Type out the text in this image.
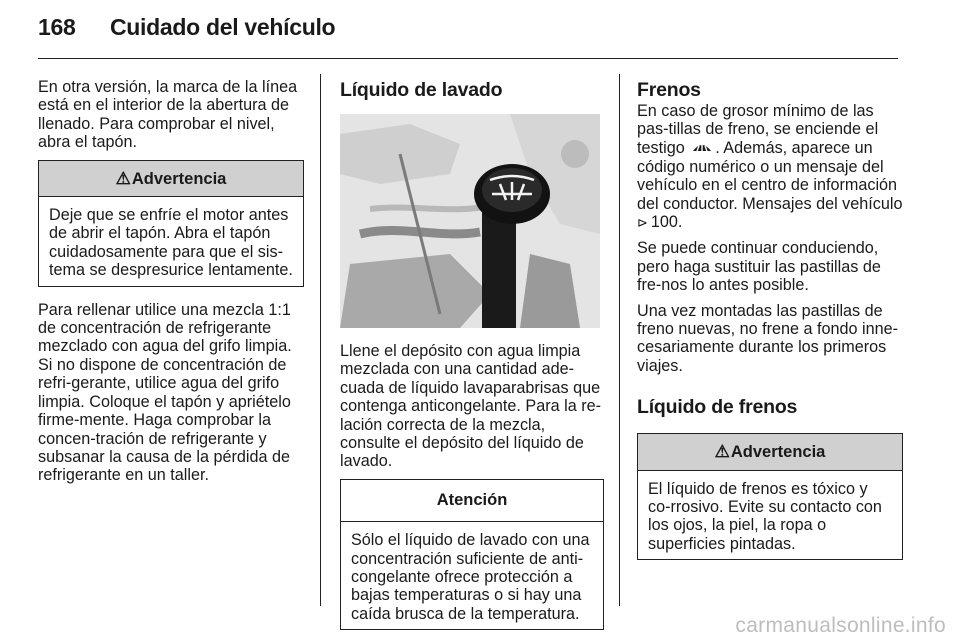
168 Cuidado del vehículo

En otra versión, la marca de la línea está en el interior de la abertura de llenado. Para comprobar el nivel, abra el tapón.

⚠Advertencia
Deje que se enfríe el motor antes de abrir el tapón. Abra el tapón cuidadosamente para que el sis-tema se despresurice lentamente.

Para rellenar utilice una mezcla 1:1 de concentración de refrigerante mezclado con agua del grifo limpia. Si no dispone de concentración de refri-gerante, utilice agua del grifo limpia. Coloque el tapón y apriételo firme-mente. Haga comprobar la concen-tración de refrigerante y subsanar la causa de la pérdida de refrigerante en un taller.

Líquido de lavado

Llene el depósito con agua limpia mezclada con una cantidad ade-cuada de líquido lavaparabrisas que contenga anticongelante. Para la re-lación correcta de la mezcla, consulte el depósito del líquido de lavado.

Atención
Sólo el líquido de lavado con una concentración suficiente de anti-congelante ofrece protección a bajas temperaturas o si hay una caída brusca de la temperatura.
Frenos

En caso de grosor mínimo de las pas-tillas de freno, se enciende el testigo . Además, aparece un código numérico o un mensaje del vehículo en el centro de información del conductor. Mensajes del vehículo
⊳ 100.

Se puede continuar conduciendo, pero haga sustituir las pastillas de fre-nos lo antes posible.

Una vez montadas las pastillas de freno nuevas, no frene a fondo inne-cesariamente durante los primeros viajes.

Líquido de frenos
⚠Advertencia
El líquido de frenos es tóxico y co-rrosivo. Evite su contacto con los ojos, la piel, la ropa o superficies pintadas.
carmanualsonline.info
